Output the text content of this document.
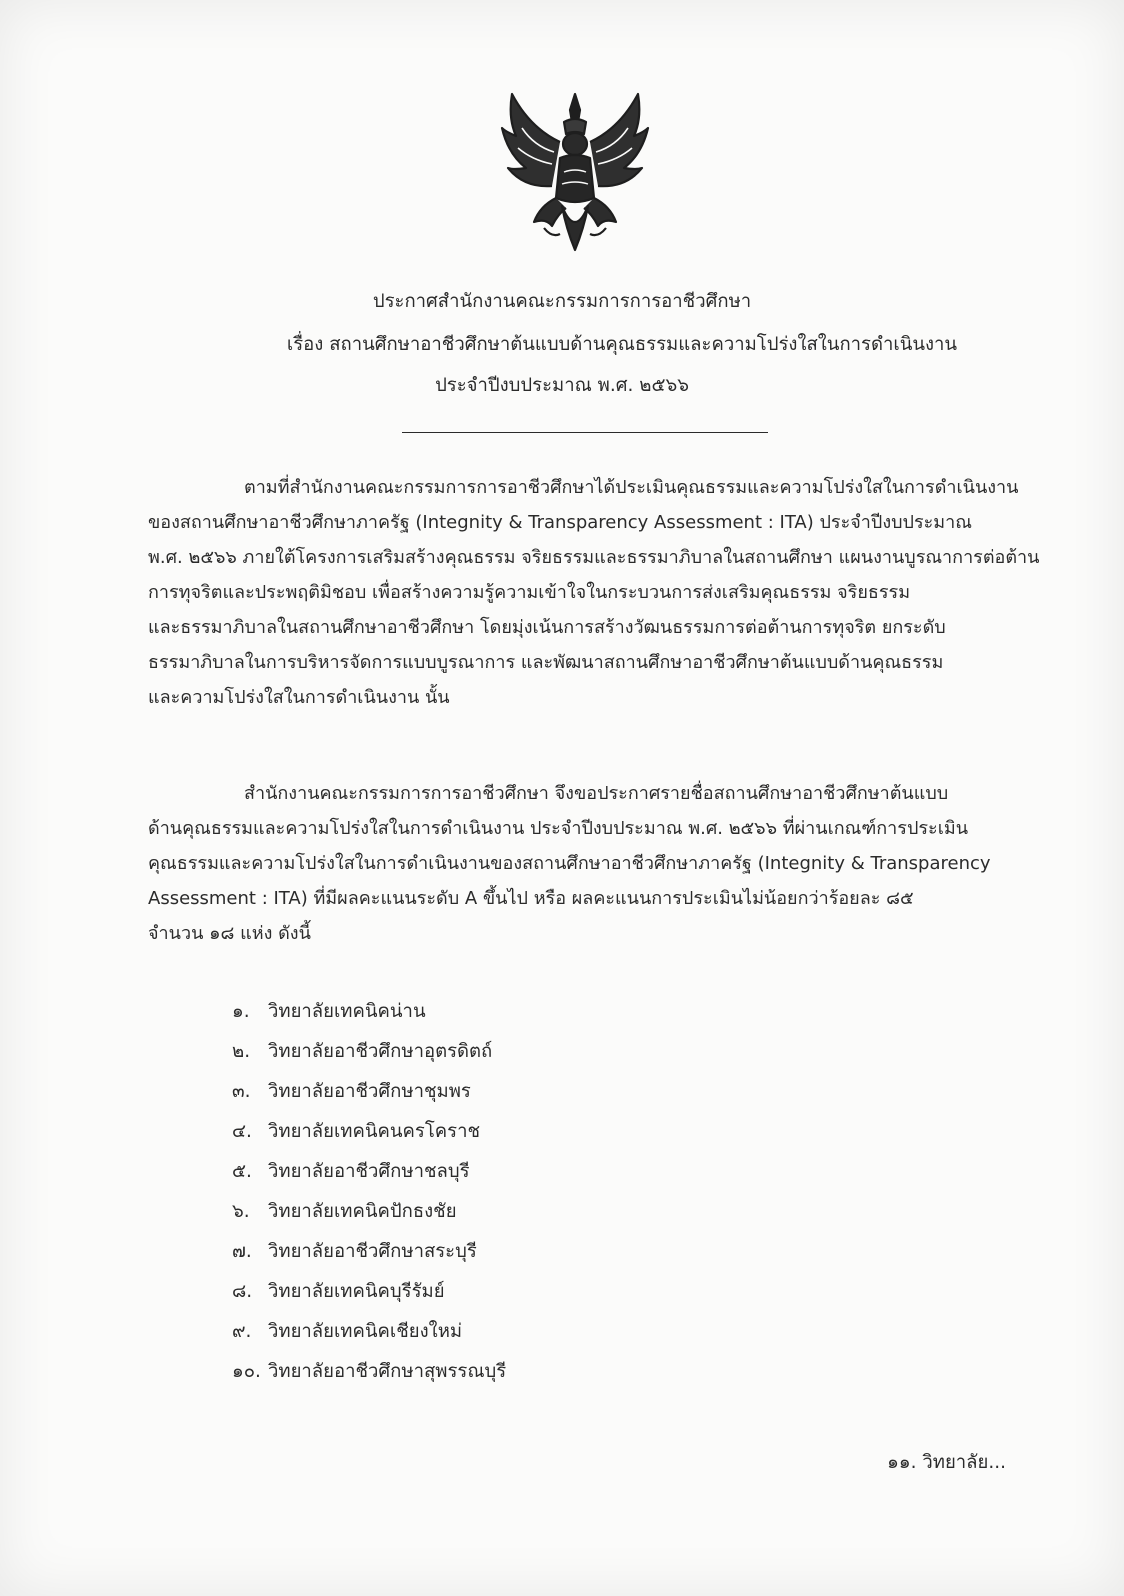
ประกาศสำนักงานคณะกรรมการการอาชีวศึกษา
เรื่อง สถานศึกษาอาชีวศึกษาต้นแบบด้านคุณธรรมและความโปร่งใสในการดำเนินงาน
ประจำปีงบประมาณ พ.ศ. ๒๕๖๖
ตามที่สำนักงานคณะกรรมการการอาชีวศึกษาได้ประเมินคุณธรรมและความโปร่งใสในการดำเนินงาน
ของสถานศึกษาอาชีวศึกษาภาครัฐ (Integnity & Transparency Assessment : ITA) ประจำปีงบประมาณ
พ.ศ. ๒๕๖๖ ภายใต้โครงการเสริมสร้างคุณธรรม จริยธรรมและธรรมาภิบาลในสถานศึกษา แผนงานบูรณาการต่อต้าน
การทุจริตและประพฤติมิชอบ เพื่อสร้างความรู้ความเข้าใจในกระบวนการส่งเสริมคุณธรรม จริยธรรม
และธรรมาภิบาลในสถานศึกษาอาชีวศึกษา โดยมุ่งเน้นการสร้างวัฒนธรรมการต่อต้านการทุจริต ยกระดับ
ธรรมาภิบาลในการบริหารจัดการแบบบูรณาการ และพัฒนาสถานศึกษาอาชีวศึกษาต้นแบบด้านคุณธรรม
และความโปร่งใสในการดำเนินงาน นั้น
สำนักงานคณะกรรมการการอาชีวศึกษา จึงขอประกาศรายชื่อสถานศึกษาอาชีวศึกษาต้นแบบ
ด้านคุณธรรมและความโปร่งใสในการดำเนินงาน ประจำปีงบประมาณ พ.ศ. ๒๕๖๖ ที่ผ่านเกณฑ์การประเมิน
คุณธรรมและความโปร่งใสในการดำเนินงานของสถานศึกษาอาชีวศึกษาภาครัฐ (Integnity & Transparency
Assessment : ITA) ที่มีผลคะแนนระดับ A ขึ้นไป หรือ ผลคะแนนการประเมินไม่น้อยกว่าร้อยละ ๘๕
จำนวน ๑๘ แห่ง ดังนี้
๑. วิทยาลัยเทคนิคน่าน
๒. วิทยาลัยอาชีวศึกษาอุตรดิตถ์
๓. วิทยาลัยอาชีวศึกษาชุมพร
๔. วิทยาลัยเทคนิคนครโคราช
๕. วิทยาลัยอาชีวศึกษาชลบุรี
๖. วิทยาลัยเทคนิคปักธงชัย
๗. วิทยาลัยอาชีวศึกษาสระบุรี
๘. วิทยาลัยเทคนิคบุรีรัมย์
๙. วิทยาลัยเทคนิคเชียงใหม่
๑๐. วิทยาลัยอาชีวศึกษาสุพรรณบุรี
๑๑. วิทยาลัย...
